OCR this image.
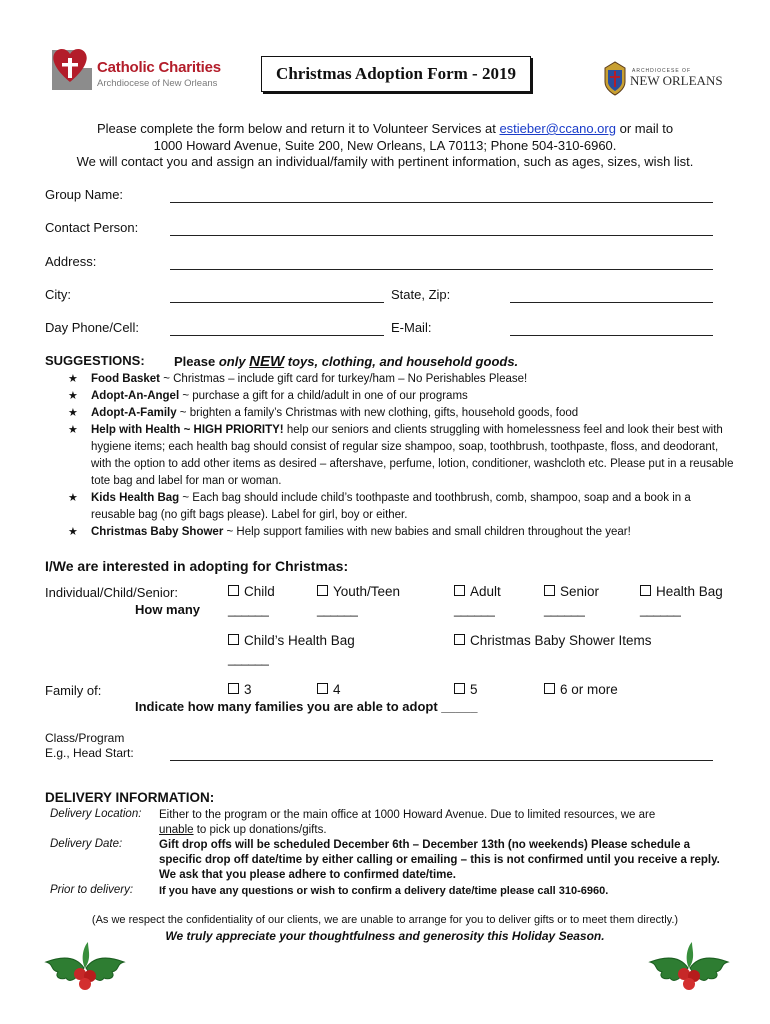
Catholic Charities
Archdiocese of New Orleans
Christmas Adoption Form - 2019	ARCHDIOCESE OF
NEW ORLEANS
Please complete the form below and return it to Volunteer Services at estieber@ccano.org or mail to
1000 Howard Avenue, Suite 200, New Orleans, LA 70113; Phone 504-310-6960.
We will contact you and assign an individual/family with pertinent information, such as ages, sizes, wish list.
Group Name:
Contact Person:
Address:
City:	State, Zip:
Day Phone/Cell:	E-Mail:
SUGGESTIONS: Please only NEW toys, clothing, and household goods.
★ Food Basket ~ Christmas – include gift card for turkey/ham – No Perishables Please!
★ Adopt-An-Angel ~ purchase a gift for a child/adult in one of our programs
★ Adopt-A-Family ~ brighten a family’s Christmas with new clothing, gifts, household goods, food
★ Help with Health ~ HIGH PRIORITY! help our seniors and clients struggling with homelessness feel and look their best with hygiene items; each health bag should consist of regular size shampoo, soap, toothbrush, toothpaste, floss, and deodorant, with the option to add other items as desired – aftershave, perfume, lotion, conditioner, washcloth etc. Please put in a reusable tote bag and label for man or woman.
★ Kids Health Bag ~ Each bag should include child’s toothpaste and toothbrush, comb, shampoo, soap and a book in a reusable bag (no gift bags please). Label for girl, boy or either.
★ Christmas Baby Shower ~ Help support families with new babies and small children throughout the year!
I/We are interested in adopting for Christmas:
Individual/Child/Senior:
How many
Child	Youth/Teen	Adult	Senior	Health Bag
______	______	______	______	______
Child’s Health Bag	Christmas Baby Shower Items
______
Family of:	3	4	5	6 or more
Indicate how many families you are able to adopt _____
Class/Program
E.g., Head Start:
DELIVERY INFORMATION:
Delivery Location: Either to the program or the main office at 1000 Howard Avenue. Due to limited resources, we are
unable to pick up donations/gifts.
Delivery Date:	Gift drop offs will be scheduled December 6th – December 13th (no weekends) Please schedule a specific drop off date/time by either calling or emailing – this is not confirmed until you receive a reply. We ask that you please adhere to confirmed date/time.
Prior to delivery: If you have any questions or wish to confirm a delivery date/time please call 310-6960.
(As we respect the confidentiality of our clients, we are unable to arrange for you to deliver gifts or to meet them directly.)
We truly appreciate your thoughtfulness and generosity this Holiday Season.
